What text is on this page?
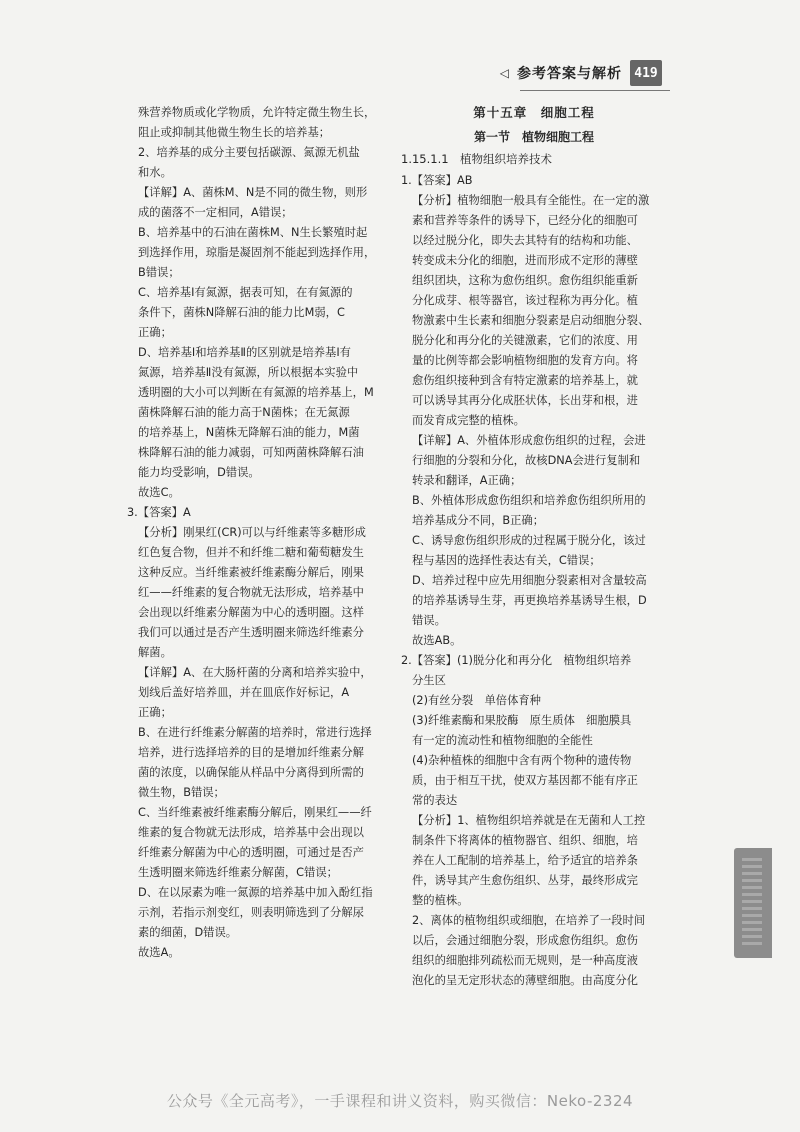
◁ 参考答案与解析 419
殊营养物质或化学物质，允许特定微生物生长，
阻止或抑制其他微生物生长的培养基；
2、培养基的成分主要包括碳源、氮源无机盐
和水。
【详解】A、菌株M、N是不同的微生物，则形
成的菌落不一定相同，A错误；
B、培养基中的石油在菌株M、N生长繁殖时起
到选择作用，琼脂是凝固剂不能起到选择作用，
B错误；
C、培养基Ⅰ有氮源，据表可知，在有氮源的
条件下，菌株N降解石油的能力比M弱，C
正确；
D、培养基Ⅰ和培养基Ⅱ的区别就是培养基Ⅰ有
氮源，培养基Ⅱ没有氮源，所以根据本实验中
透明圈的大小可以判断在有氮源的培养基上，M
菌株降解石油的能力高于N菌株；在无氮源
的培养基上，N菌株无降解石油的能力，M菌
株降解石油的能力减弱，可知两菌株降解石油
能力均受影响，D错误。
故选C。
3.【答案】A
【分析】刚果红(CR)可以与纤维素等多糖形成
红色复合物，但并不和纤维二糖和葡萄糖发生
这种反应。当纤维素被纤维素酶分解后，刚果
红——纤维素的复合物就无法形成，培养基中
会出现以纤维素分解菌为中心的透明圈。这样
我们可以通过是否产生透明圈来筛选纤维素分
解菌。
【详解】A、在大肠杆菌的分离和培养实验中，
划线后盖好培养皿，并在皿底作好标记，A
正确；
B、在进行纤维素分解菌的培养时，常进行选择
培养，进行选择培养的目的是增加纤维素分解
菌的浓度，以确保能从样品中分离得到所需的
微生物，B错误；
C、当纤维素被纤维素酶分解后，刚果红——纤
维素的复合物就无法形成，培养基中会出现以
纤维素分解菌为中心的透明圈，可通过是否产
生透明圈来筛选纤维素分解菌，C错误；
D、在以尿素为唯一氮源的培养基中加入酚红指
示剂，若指示剂变红，则表明筛选到了分解尿
素的细菌，D错误。
故选A。
第十五章　细胞工程
第一节　植物细胞工程
1.15.1.1　植物组织培养技术
1.【答案】AB
【分析】植物细胞一般具有全能性。在一定的激
素和营养等条件的诱导下，已经分化的细胞可
以经过脱分化，即失去其特有的结构和功能、
转变成未分化的细胞，进而形成不定形的薄壁
组织团块，这称为愈伤组织。愈伤组织能重新
分化成芽、根等器官，该过程称为再分化。植
物激素中生长素和细胞分裂素是启动细胞分裂、
脱分化和再分化的关键激素，它们的浓度、用
量的比例等都会影响植物细胞的发育方向。将
愈伤组织接种到含有特定激素的培养基上，就
可以诱导其再分化成胚状体，长出芽和根，进
而发育成完整的植株。
【详解】A、外植体形成愈伤组织的过程，会进
行细胞的分裂和分化，故核DNA会进行复制和
转录和翻译，A正确；
B、外植体形成愈伤组织和培养愈伤组织所用的
培养基成分不同，B正确；
C、诱导愈伤组织形成的过程属于脱分化，该过
程与基因的选择性表达有关，C错误；
D、培养过程中应先用细胞分裂素相对含量较高
的培养基诱导生芽，再更换培养基诱导生根，D
错误。
故选AB。
2.【答案】(1)脱分化和再分化　植物组织培养
分生区
(2)有丝分裂　单倍体育种
(3)纤维素酶和果胶酶　原生质体　细胞膜具
有一定的流动性和植物细胞的全能性
(4)杂种植株的细胞中含有两个物种的遗传物
质，由于相互干扰，使双方基因都不能有序正
常的表达
【分析】1、植物组织培养就是在无菌和人工控
制条件下将离体的植物器官、组织、细胞，培
养在人工配制的培养基上，给予适宜的培养条
件，诱导其产生愈伤组织、丛芽，最终形成完
整的植株。
2、离体的植物组织或细胞，在培养了一段时间
以后，会通过细胞分裂，形成愈伤组织。愈伤
组织的细胞排列疏松而无规则，是一种高度液
泡化的呈无定形状态的薄壁细胞。由高度分化
公众号《全元高考》，一手课程和讲义资料，购买微信：Neko-2324
